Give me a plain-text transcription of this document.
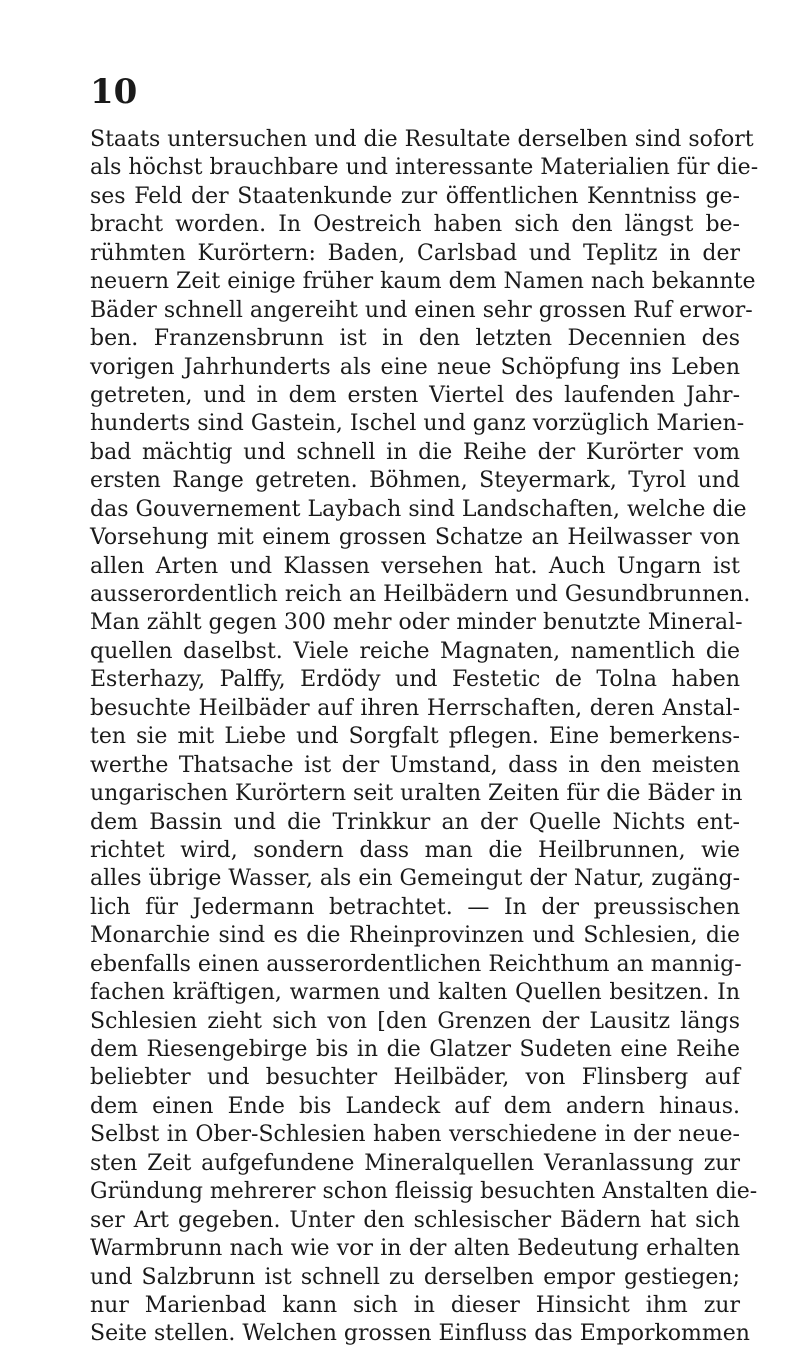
10
Staats untersuchen und die Resultate derselben sind sofort
als höchst brauchbare und interessante Materialien für die-
ses Feld der Staatenkunde zur öffentlichen Kenntniss ge-
bracht worden. In Oestreich haben sich den längst be-
rühmten Kurörtern: Baden, Carlsbad und Teplitz in der
neuern Zeit einige früher kaum dem Namen nach bekannte
Bäder schnell angereiht und einen sehr grossen Ruf erwor-
ben. Franzensbrunn ist in den letzten Decennien des
vorigen Jahrhunderts als eine neue Schöpfung ins Leben
getreten, und in dem ersten Viertel des laufenden Jahr-
hunderts sind Gastein, Ischel und ganz vorzüglich Marien-
bad mächtig und schnell in die Reihe der Kurörter vom
ersten Range getreten. Böhmen, Steyermark, Tyrol und
das Gouvernement Laybach sind Landschaften, welche die
Vorsehung mit einem grossen Schatze an Heilwasser von
allen Arten und Klassen versehen hat. Auch Ungarn ist
ausserordentlich reich an Heilbädern und Gesundbrunnen.
Man zählt gegen 300 mehr oder minder benutzte Mineral-
quellen daselbst. Viele reiche Magnaten, namentlich die
Esterhazy, Palffy, Erdödy und Festetic de Tolna haben
besuchte Heilbäder auf ihren Herrschaften, deren Anstal-
ten sie mit Liebe und Sorgfalt pflegen. Eine bemerkens-
werthe Thatsache ist der Umstand, dass in den meisten
ungarischen Kurörtern seit uralten Zeiten für die Bäder in
dem Bassin und die Trinkkur an der Quelle Nichts ent-
richtet wird, sondern dass man die Heilbrunnen, wie
alles übrige Wasser, als ein Gemeingut der Natur, zugäng-
lich für Jedermann betrachtet. — In der preussischen
Monarchie sind es die Rheinprovinzen und Schlesien, die
ebenfalls einen ausserordentlichen Reichthum an mannig-
fachen kräftigen, warmen und kalten Quellen besitzen. In
Schlesien zieht sich von [den Grenzen der Lausitz längs
dem Riesengebirge bis in die Glatzer Sudeten eine Reihe
beliebter und besuchter Heilbäder, von Flinsberg auf
dem einen Ende bis Landeck auf dem andern hinaus.
Selbst in Ober-Schlesien haben verschiedene in der neue-
sten Zeit aufgefundene Mineralquellen Veranlassung zur
Gründung mehrerer schon fleissig besuchten Anstalten die-
ser Art gegeben. Unter den schlesischer Bädern hat sich
Warmbrunn nach wie vor in der alten Bedeutung erhalten
und Salzbrunn ist schnell zu derselben empor gestiegen;
nur Marienbad kann sich in dieser Hinsicht ihm zur
Seite stellen. Welchen grossen Einfluss das Emporkommen
